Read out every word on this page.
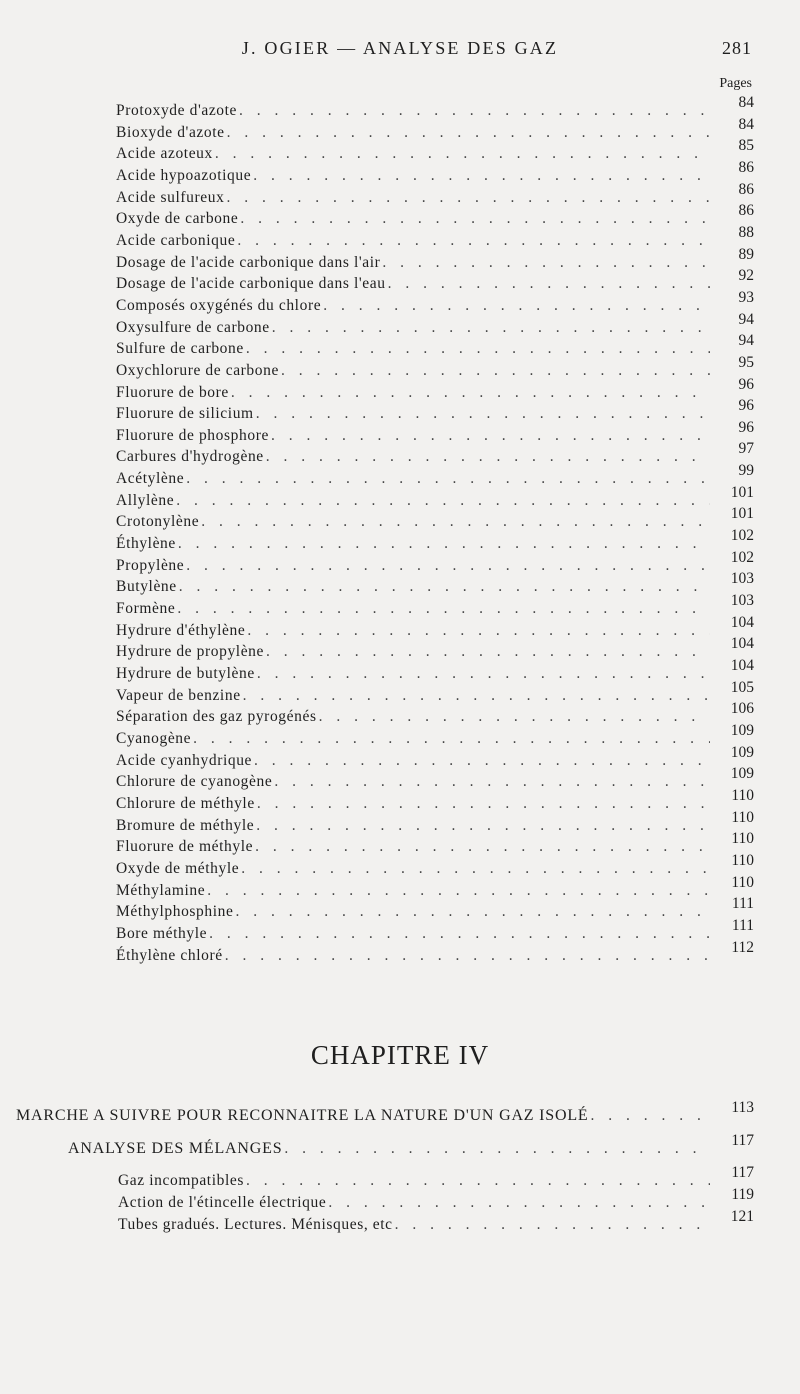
J. OGIER — ANALYSE DES GAZ	281
Pages
Protoxyde d'azote . . .	84
Bioxyde d'azote . . .	84
Acide azoteux . . .	85
Acide hypoazotique . . .	86
Acide sulfureux . . .	86
Oxyde de carbone . . .	86
Acide carbonique . . .	88
Dosage de l'acide carbonique dans l'air . . .	89
Dosage de l'acide carbonique dans l'eau . . .	92
Composés oxygénés du chlore . . .	93
Oxysulfure de carbone . . .	94
Sulfure de carbone . . .	94
Oxychlorure de carbone . . .	95
Fluorure de bore . . .	96
Fluorure de silicium . . .	96
Fluorure de phosphore . . .	96
Carbures d'hydrogène . . .	97
Acétylène . . .	99
Allylène . . .	101
Crotonylène . . .	101
Éthylène . . .	102
Propylène . . .	102
Butylène . . .	103
Formène . . .	103
Hydrure d'éthylène . . .	104
Hydrure de propylène . . .	104
Hydrure de butylène . . .	104
Vapeur de benzine . . .	105
Séparation des gaz pyrogénés . . .	106
Cyanogène . . .	109
Acide cyanhydrique . . .	109
Chlorure de cyanogène . . .	109
Chlorure de méthyle . . .	110
Bromure de méthyle . . .	110
Fluorure de méthyle . . .	110
Oxyde de méthyle . . .	110
Méthylamine . . .	110
Méthylphosphine . . .	111
Bore méthyle . . .	111
Éthylène chloré . . .	112
CHAPITRE IV
MARCHE A SUIVRE POUR RECONNAITRE LA NATURE D'UN GAZ ISOLÉ . . .	113
ANALYSE DES MÉLANGES . . .	117
Gaz incompatibles . . .	117
Action de l'étincelle électrique . . .	119
Tubes gradués. Lectures. Ménisques, etc . . .	121
